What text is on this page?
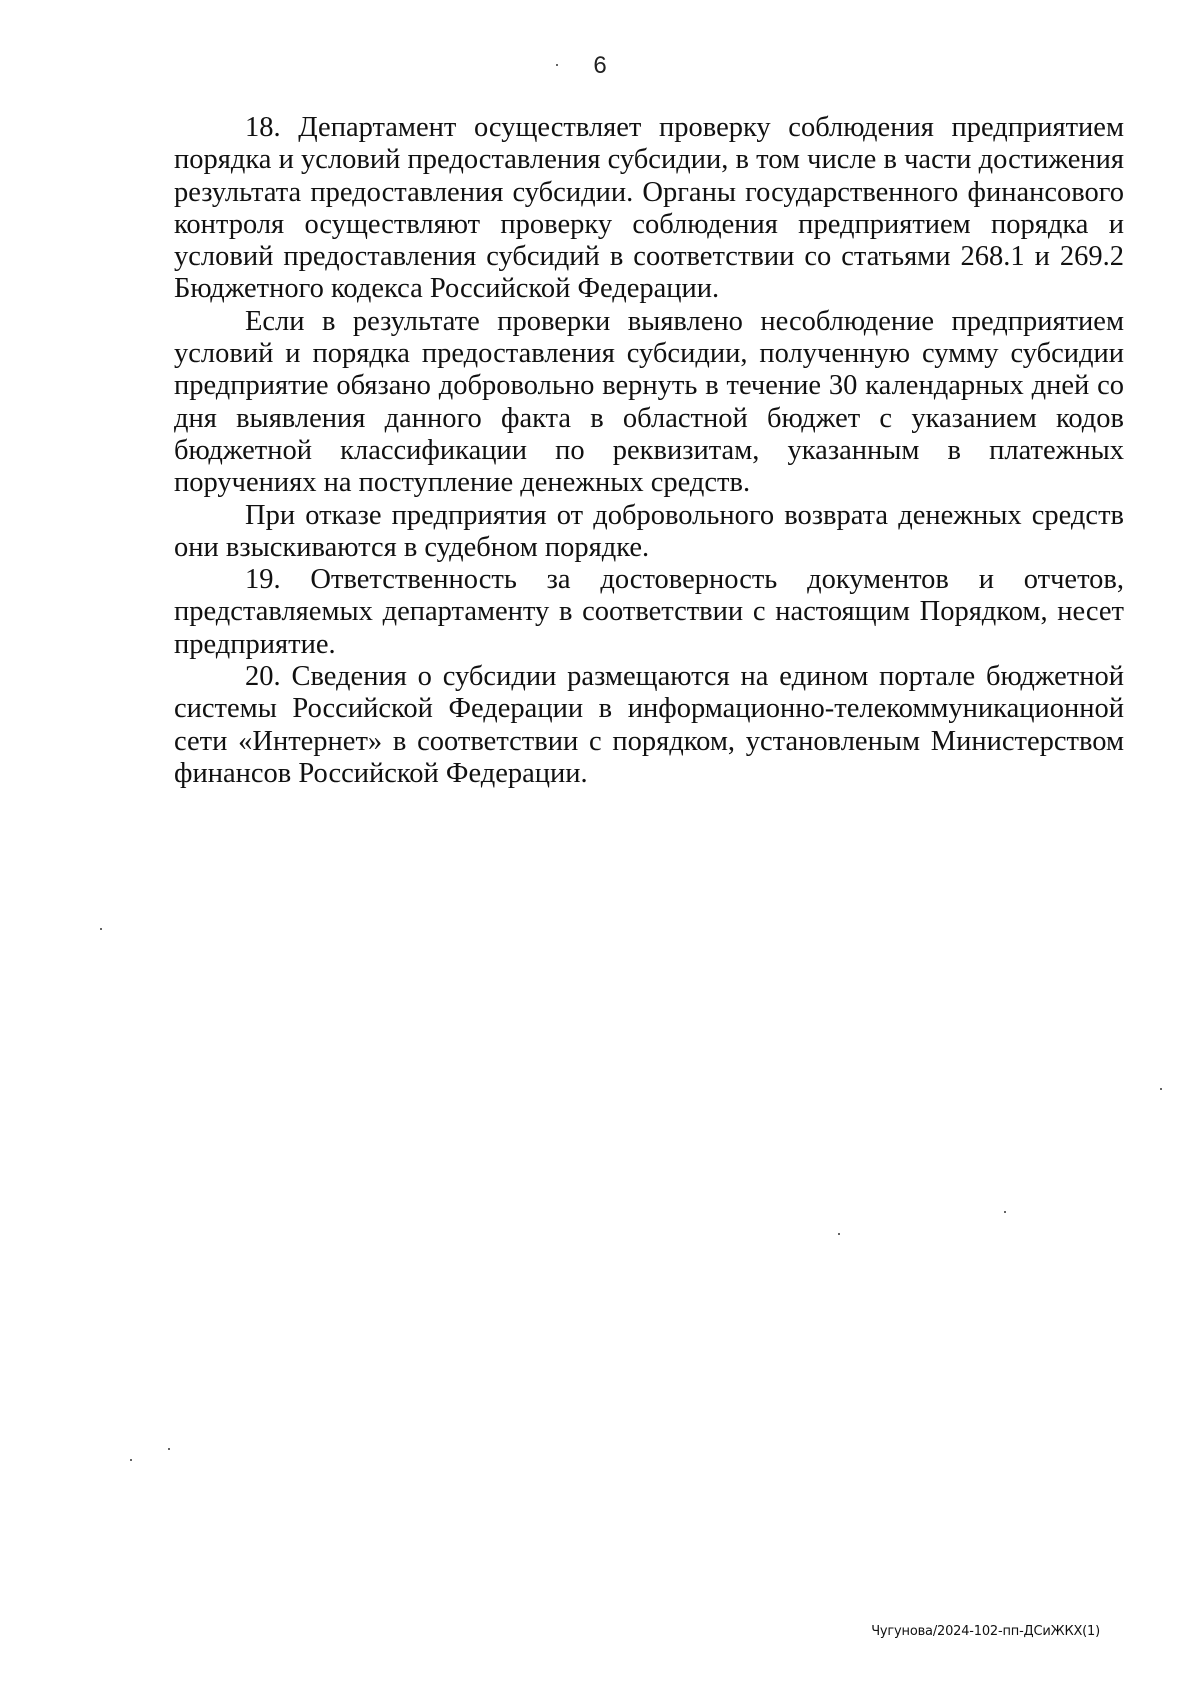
6

18. Департамент осуществляет проверку соблюдения предприятием порядка и условий предоставления субсидии, в том числе в части достижения результата предоставления субсидии. Органы государственного финансового контроля осуществляют проверку соблюдения предприятием порядка и условий предоставления субсидий в соответствии со статьями 268.1 и 269.2 Бюджетного кодекса Российской Федерации.

Если в результате проверки выявлено несоблюдение предприятием условий и порядка предоставления субсидии, полученную сумму субсидии предприятие обязано добровольно вернуть в течение 30 календарных дней со дня выявления данного факта в областной бюджет с указанием кодов бюджетной классификации по реквизитам, указанным в платежных поручениях на поступление денежных средств.

При отказе предприятия от добровольного возврата денежных средств они взыскиваются в судебном порядке.

19. Ответственность за достоверность документов и отчетов, представляемых департаменту в соответствии с настоящим Порядком, несет предприятие.

20. Сведения о субсидии размещаются на едином портале бюджетной системы Российской Федерации в информационно-телекоммуникационной сети «Интернет» в соответствии с порядком, установленым Министерством финансов Российской Федерации.

Чугунова/2024-102-пп-ДСиЖКХ(1)
